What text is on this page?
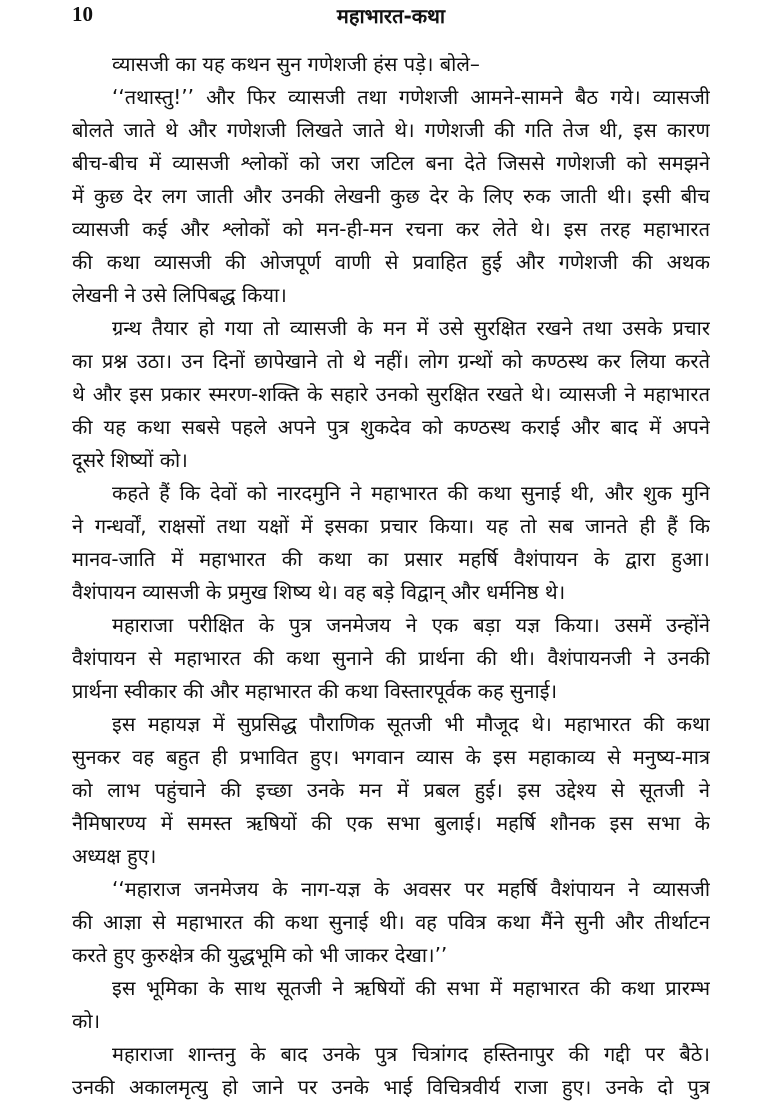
10	महाभारत-कथा
व्यासजी का यह कथन सुन गणेशजी हंस पड़े। बोले–
‘‘तथास्तु!’’ और फिर व्यासजी तथा गणेशजी आमने-सामने बैठ गये। व्यासजी
बोलते जाते थे और गणेशजी लिखते जाते थे। गणेशजी की गति तेज थी, इस कारण
बीच-बीच में व्यासजी श्लोकों को जरा जटिल बना देते जिससे गणेशजी को समझने
में कुछ देर लग जाती और उनकी लेखनी कुछ देर के लिए रुक जाती थी। इसी बीच
व्यासजी कई और श्लोकों को मन-ही-मन रचना कर लेते थे। इस तरह महाभारत
की कथा व्यासजी की ओजपूर्ण वाणी से प्रवाहित हुई और गणेशजी की अथक
लेखनी ने उसे लिपिबद्ध किया।
ग्रन्थ तैयार हो गया तो व्यासजी के मन में उसे सुरक्षित रखने तथा उसके प्रचार
का प्रश्न उठा। उन दिनों छापेखाने तो थे नहीं। लोग ग्रन्थों को कण्ठस्थ कर लिया करते
थे और इस प्रकार स्मरण-शक्ति के सहारे उनको सुरक्षित रखते थे। व्यासजी ने महाभारत
की यह कथा सबसे पहले अपने पुत्र शुकदेव को कण्ठस्थ कराई और बाद में अपने
दूसरे शिष्यों को।
कहते हैं कि देवों को नारदमुनि ने महाभारत की कथा सुनाई थी, और शुक मुनि
ने गन्धर्वों, राक्षसों तथा यक्षों में इसका प्रचार किया। यह तो सब जानते ही हैं कि
मानव-जाति में महाभारत की कथा का प्रसार महर्षि वैशंपायन के द्वारा हुआ।
वैशंपायन व्यासजी के प्रमुख शिष्य थे। वह बड़े विद्वान् और धर्मनिष्ठ थे।
महाराजा परीक्षित के पुत्र जनमेजय ने एक बड़ा यज्ञ किया। उसमें उन्होंने
वैशंपायन से महाभारत की कथा सुनाने की प्रार्थना की थी। वैशंपायनजी ने उनकी
प्रार्थना स्वीकार की और महाभारत की कथा विस्तारपूर्वक कह सुनाई।
इस महायज्ञ में सुप्रसिद्ध पौराणिक सूतजी भी मौजूद थे। महाभारत की कथा
सुनकर वह बहुत ही प्रभावित हुए। भगवान व्यास के इस महाकाव्य से मनुष्य-मात्र
को लाभ पहुंचाने की इच्छा उनके मन में प्रबल हुई। इस उद्देश्य से सूतजी ने
नैमिषारण्य में समस्त ऋषियों की एक सभा बुलाई। महर्षि शौनक इस सभा के
अध्यक्ष हुए।
‘‘महाराज जनमेजय के नाग-यज्ञ के अवसर पर महर्षि वैशंपायन ने व्यासजी
की आज्ञा से महाभारत की कथा सुनाई थी। वह पवित्र कथा मैंने सुनी और तीर्थाटन
करते हुए कुरुक्षेत्र की युद्धभूमि को भी जाकर देखा।’’
इस भूमिका के साथ सूतजी ने ऋषियों की सभा में महाभारत की कथा प्रारम्भ
को।
महाराजा शान्तनु के बाद उनके पुत्र चित्रांगद हस्तिनापुर की गद्दी पर बैठे।
उनकी अकालमृत्यु हो जाने पर उनके भाई विचित्रवीर्य राजा हुए। उनके दो पुत्र
